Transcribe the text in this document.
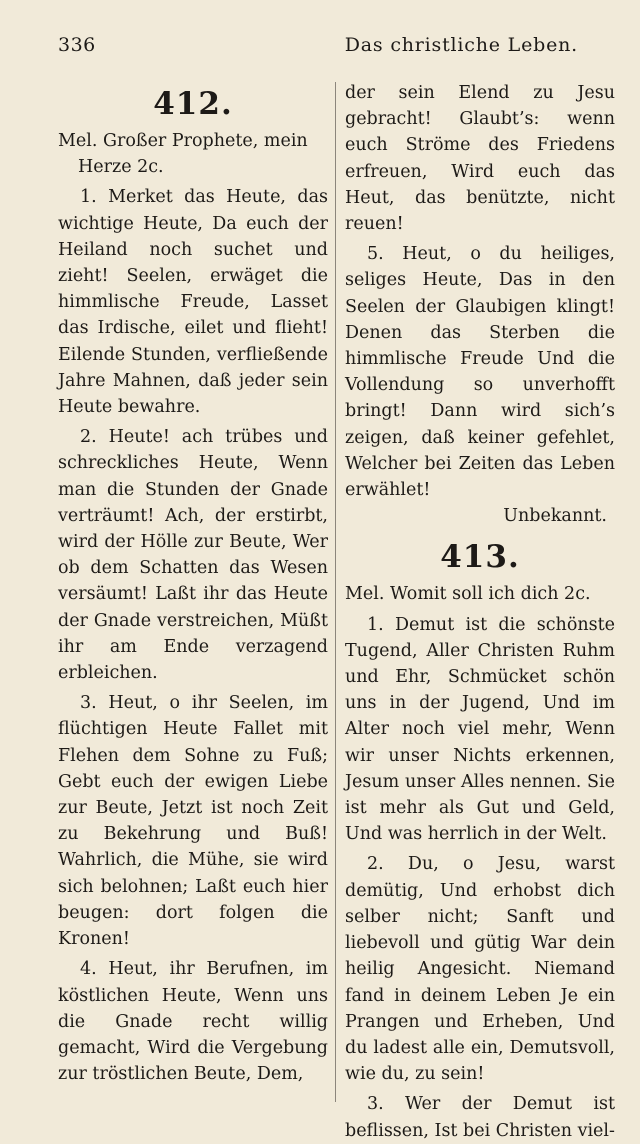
336	Das christliche Leben.
412.

Mel. Großer Prophete, mein Herze 2c.

1. Merket das Heute, das wichtige Heute, Da euch der Heiland noch suchet und zieht! Seelen, erwäget die himmlische Freude, Lasset das Irdische, eilet und flieht! Eilende Stunden, verfließende Jahre Mahnen, daß jeder sein Heute bewahre.

2. Heute! ach trübes und schreckliches Heute, Wenn man die Stunden der Gnade verträumt! Ach, der erstirbt, wird der Hölle zur Beute, Wer ob dem Schatten das Wesen versäumt! Laßt ihr das Heute der Gnade verstreichen, Müßt ihr am Ende verzagend erbleichen.

3. Heut, o ihr Seelen, im flüchtigen Heute Fallet mit Flehen dem Sohne zu Fuß; Gebt euch der ewigen Liebe zur Beute, Jetzt ist noch Zeit zu Bekehrung und Buß! Wahrlich, die Mühe, sie wird sich belohnen; Laßt euch hier beugen: dort folgen die Kronen!

4. Heut, ihr Berufnen, im köstlichen Heute, Wenn uns die Gnade recht willig gemacht, Wird die Vergebung zur tröstlichen Beute, Dem,

der sein Elend zu Jesu gebracht! Glaubt’s: wenn euch Ströme des Friedens erfreuen, Wird euch das Heut, das benützte, nicht reuen!

5. Heut, o du heiliges, seliges Heute, Das in den Seelen der Glaubigen klingt! Denen das Sterben die himmlische Freude Und die Vollendung so unverhofft bringt! Dann wird sich’s zeigen, daß keiner gefehlet, Welcher bei Zeiten das Leben erwählet!

Unbekannt.

413.

Mel. Womit soll ich dich 2c.

1. Demut ist die schönste Tugend, Aller Christen Ruhm und Ehr, Schmücket schön uns in der Jugend, Und im Alter noch viel mehr, Wenn wir unser Nichts erkennen, Jesum unser Alles nennen. Sie ist mehr als Gut und Geld, Und was herrlich in der Welt.

2. Du, o Jesu, warst demütig, Und erhobst dich selber nicht; Sanft und liebevoll und gütig War dein heilig Angesicht. Niemand fand in deinem Leben Je ein Prangen und Erheben, Und du ladest alle ein, Demutsvoll, wie du, zu sein!

3. Wer der Demut ist beflissen, Ist bei Christen viel-
